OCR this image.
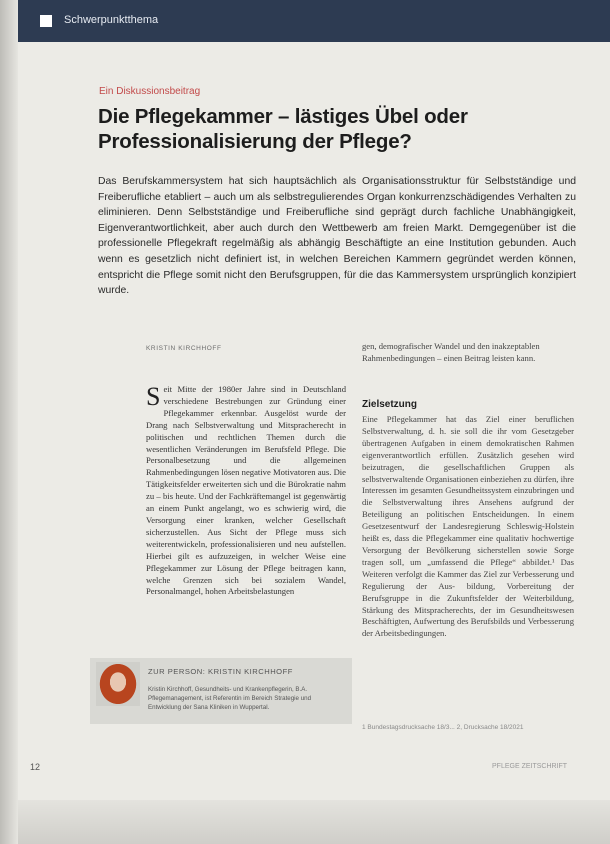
Schwerpunktthema
Ein Diskussionsbeitrag
Die Pflegekammer – lästiges Übel oder Professionalisierung der Pflege?

Das Berufskammersystem hat sich hauptsächlich als Organisationsstruktur für Selbstständige und Freiberufliche etabliert – auch um als selbstregulierendes Organ konkurrenzschädigendes Verhalten zu eliminieren. Denn Selbstständige und Freiberufliche sind geprägt durch fachliche Unabhängigkeit, Eigenverantwortlichkeit, aber auch durch den Wettbewerb am freien Markt. Demgegenüber ist die professionelle Pflegekraft regelmäßig als abhängig Beschäftigte an eine Institution gebunden. Auch wenn es gesetzlich nicht definiert ist, in welchen Bereichen Kammern gegründet werden können, entspricht die Pflege somit nicht den Berufsgruppen, für die das Kammersystem ursprünglich konzipiert wurde.

KRISTIN KIRCHHOFF

Seit Mitte der 1980er Jahre sind in Deutschland verschiedene Bestrebungen zur Gründung einer Pflegekammer erkennbar. Ausgelöst wurde der Drang nach Selbstverwaltung und Mitspracherecht in politischen und rechtlichen Themen durch die wesentlichen Veränderungen im Berufsfeld Pflege. Die Personalbesetzung und die allgemeinen Rahmenbedingungen lösen negative Motivatoren aus. Die Tätigkeitsfelder erweiterten sich und die Bürokratie nahm zu – bis heute. Und der Fachkräftemangel ist gegenwärtig an einem Punkt angelangt, wo es schwierig wird, die Versorgung einer kranken, welcher Gesellschaft sicherzustellen. Aus Sicht der Pflege muss sich weiterentwickeln, professionalisieren und neu aufstellen. Hierbei gilt es aufzuzeigen, in welcher Weise eine Pflegekammer zur Lösung der Pflege beitragen kann, welche Grenzen sich bei sozialem Wandel, Personalmangel, hohen Arbeitsbelastungen

gen, demografischer Wandel und den inakzeptablen Rahmenbedingungen – einen Beitrag leisten kann.

Zielsetzung

Eine Pflegekammer hat das Ziel einer beruflichen Selbstverwaltung, d. h. sie soll die ihr vom Gesetzgeber übertragenen Aufgaben in einem demokratischen Rahmen eigenverantwortlich erfüllen. Zusätzlich gesehen wird beizutragen, die gesellschaftlichen Gruppen als selbstverwaltende Organisationen einbeziehen zu dürfen, ihre Interessen im gesamten Gesundheitssystem einzubringen und die Selbstverwaltung ihres Ansehens aufgrund der Beteiligung an politischen Entscheidungen. In einem Gesetzesentwurf der Landesregierung Schleswig-Holstein heißt es, dass die Pflegekammer eine qualitativ hochwertige Versorgung der Bevölkerung sicherstellen sowie Sorge tragen soll, um „umfassend die Pflege“ abbildet.¹ Das Weiteren verfolgt die Kammer das Ziel zur Verbesserung und Regulierung der Aus- bildung, Vorbereitung der Berufsgruppe in die Zukunftsfelder der Weiterbildung, Stärkung des Mitspracherechts, der im Gesundheitswesen Beschäftigten, Aufwertung des Berufsbilds und Verbesserung der Arbeitsbedingungen.

1 Bundestagsdrucksache 18/3... 2, Drucksache 18/2021
ZUR PERSON: KRISTIN KIRCHHOFF

Kristin Kirchhoff, Gesundheits- und Krankenpflegerin, B.A. Pflegemanagement, ist Referentin im Bereich Strategie und Entwicklung der Sana Kliniken in Wuppertal.

12	PFLEGE ZEITSCHRIFT
